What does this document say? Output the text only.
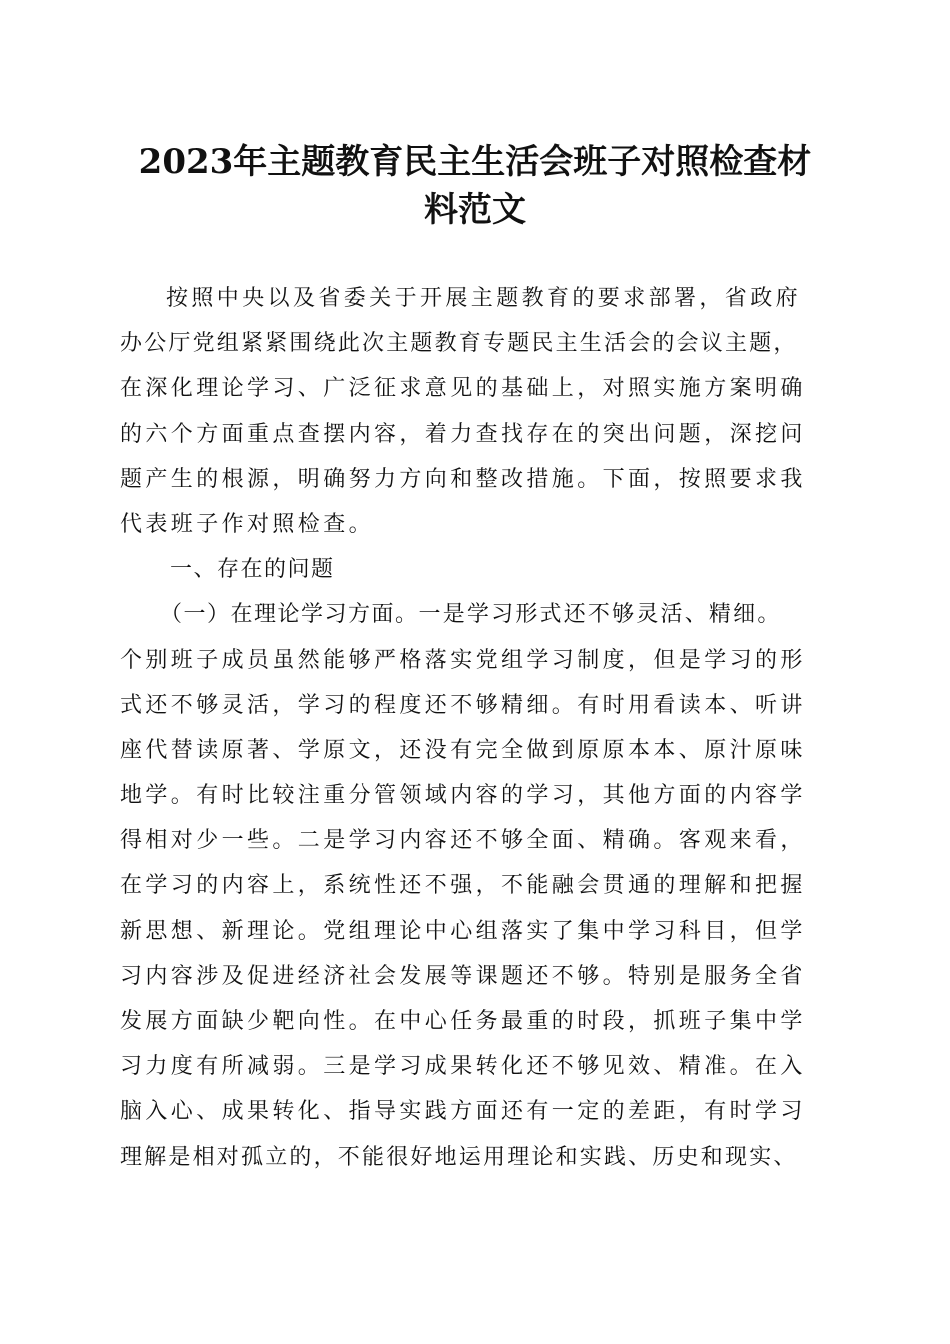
2023年主题教育民主生活会班子对照检查材
料范文
按照中央以及省委关于开展主题教育的要求部署，省政府
办公厅党组紧紧围绕此次主题教育专题民主生活会的会议主题，
在深化理论学习、广泛征求意见的基础上，对照实施方案明确
的六个方面重点查摆内容，着力查找存在的突出问题，深挖问
题产生的根源，明确努力方向和整改措施。下面，按照要求我
代表班子作对照检查。
一、存在的问题
（一）在理论学习方面。一是学习形式还不够灵活、精细。
个别班子成员虽然能够严格落实党组学习制度，但是学习的形
式还不够灵活，学习的程度还不够精细。有时用看读本、听讲
座代替读原著、学原文，还没有完全做到原原本本、原汁原味
地学。有时比较注重分管领域内容的学习，其他方面的内容学
得相对少一些。二是学习内容还不够全面、精确。客观来看，
在学习的内容上，系统性还不强，不能融会贯通的理解和把握
新思想、新理论。党组理论中心组落实了集中学习科目，但学
习内容涉及促进经济社会发展等课题还不够。特别是服务全省
发展方面缺少靶向性。在中心任务最重的时段，抓班子集中学
习力度有所减弱。三是学习成果转化还不够见效、精准。在入
脑入心、成果转化、指导实践方面还有一定的差距，有时学习
理解是相对孤立的，不能很好地运用理论和实践、历史和现实、
